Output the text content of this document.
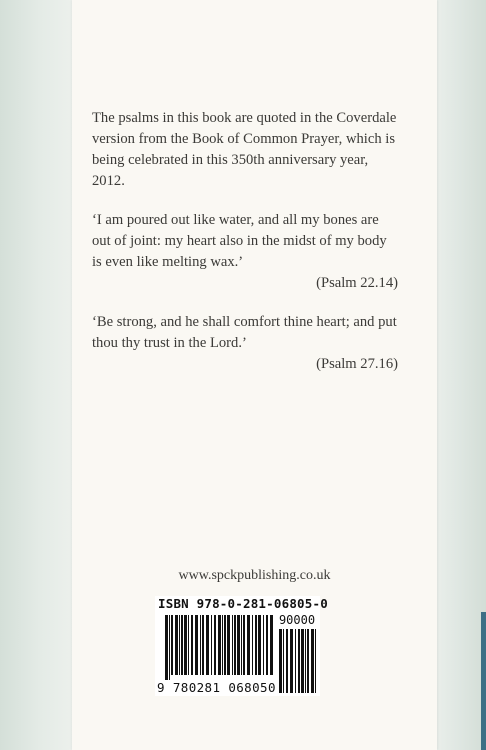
The psalms in this book are quoted in the Coverdale version from the Book of Common Prayer, which is being celebrated in this 350th anniversary year, 2012.

‘I am poured out like water, and all my bones are out of joint: my heart also in the midst of my body is even like melting wax.’

(Psalm 22.14)

‘Be strong, and he shall comfort thine heart; and put thou thy trust in the Lord.’

(Psalm 27.16)

www.spckpublishing.co.uk
ISBN 978-0-281-06805-0
90000
9 780281 068050
